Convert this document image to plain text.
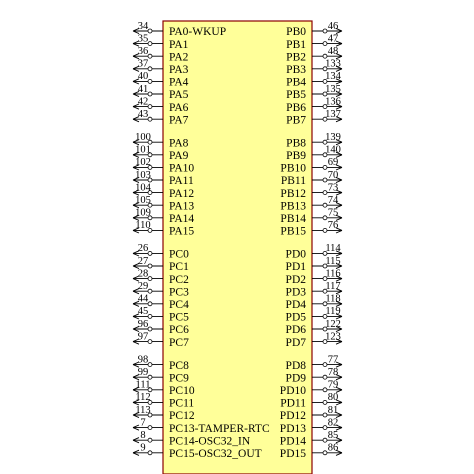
34 PA0-WKUP
35 PA1
36 PA2
37 PA3
40 PA4
41 PA5
42 PA6
43 PA7
100 PA8
101 PA9
102 PA10
103 PA11
104 PA12
105 PA13
109 PA14
110 PA15
26 PC0
27 PC1
28 PC2
29 PC3
44 PC4
45 PC5
96 PC6
97 PC7
98 PC8
99 PC9
111 PC10
112 PC11
113 PC12
7 PC13-TAMPER-RTC
8 PC14-OSC32_IN
9 PC15-OSC32_OUT
46
PB0
47
PB1
48
PB2
133
PB3
134
PB4
135
PB5
136
PB6
137
PB7
139
PB8
140
PB9
69
PB10
70
PB11
73
PB12
74
PB13
75
PB14
76
PB15
114
PD0
115
PD1
116
PD2
117
PD3
118
PD4
119
PD5
122
PD6
123
PD7
77
PD8
78
PD9
79
PD10
80
PD11
81
PD12
82
PD13
85
PD14
86
PD15
